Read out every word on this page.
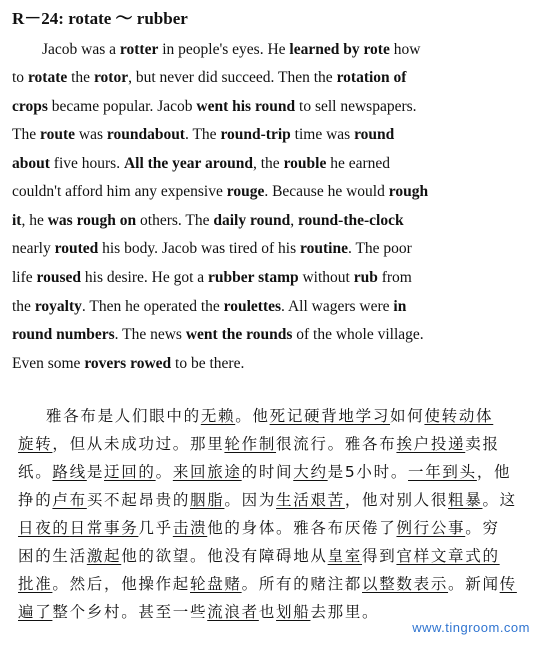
R－24: rotate ～ rubber
Jacob was a rotter in people's eyes. He learned by rote how
to rotate the rotor, but never did succeed. Then the rotation of
crops became popular. Jacob went his round to sell newspapers.
The route was roundabout. The round-trip time was round
about five hours. All the year around, the rouble he earned
couldn't afford him any expensive rouge. Because he would rough
it, he was rough on others. The daily round, round-the-clock
nearly routed his body. Jacob was tired of his routine. The poor
life roused his desire. He got a rubber stamp without rub from
the royalty. Then he operated the roulettes. All wagers were in
round numbers. The news went the rounds of the whole village.
Even some rovers rowed to be there.
雅各布是人们眼中的无赖。他死记硬背地学习如何使转动体
旋转，但从未成功过。那里轮作制很流行。雅各布挨户投递卖报
纸。路线是迂回的。来回旅途的时间大约是5小时。一年到头，他
挣的卢布买不起昂贵的胭脂。因为生活艰苦，他对别人很粗暴。这
日夜的日常事务几乎击溃他的身体。雅各布厌倦了例行公事。穷
困的生活激起他的欲望。他没有障碍地从皇室得到官样文章式的
批准。然后，他操作起轮盘赌。所有的赌注都以整数表示。新闻传
遍了整个乡村。甚至一些流浪者也划船去那里。
www.tingroom.com
